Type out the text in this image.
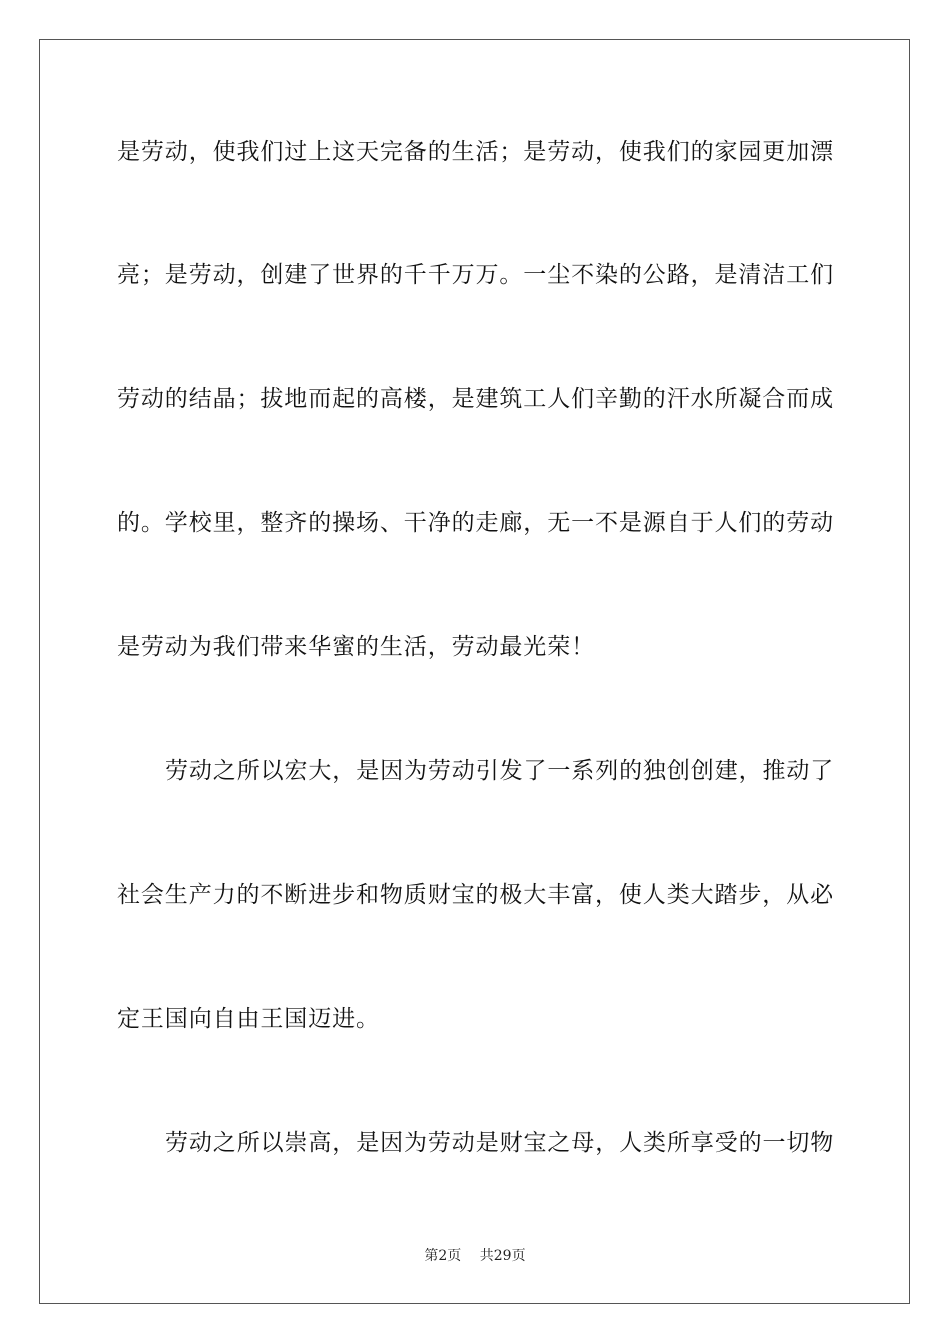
是劳动，使我们过上这天完备的生活；是劳动，使我们的家园更加漂
亮；是劳动，创建了世界的千千万万。一尘不染的公路，是清洁工们
劳动的结晶；拔地而起的高楼，是建筑工人们辛勤的汗水所凝合而成
的。学校里，整齐的操场、干净的走廊，无一不是源自于人们的劳动
是劳动为我们带来华蜜的生活，劳动最光荣！
劳动之所以宏大，是因为劳动引发了一系列的独创创建，推动了
社会生产力的不断进步和物质财宝的极大丰富，使人类大踏步，从必
定王国向自由王国迈进。
劳动之所以崇高，是因为劳动是财宝之母，人类所享受的一切物
第2页 共29页
